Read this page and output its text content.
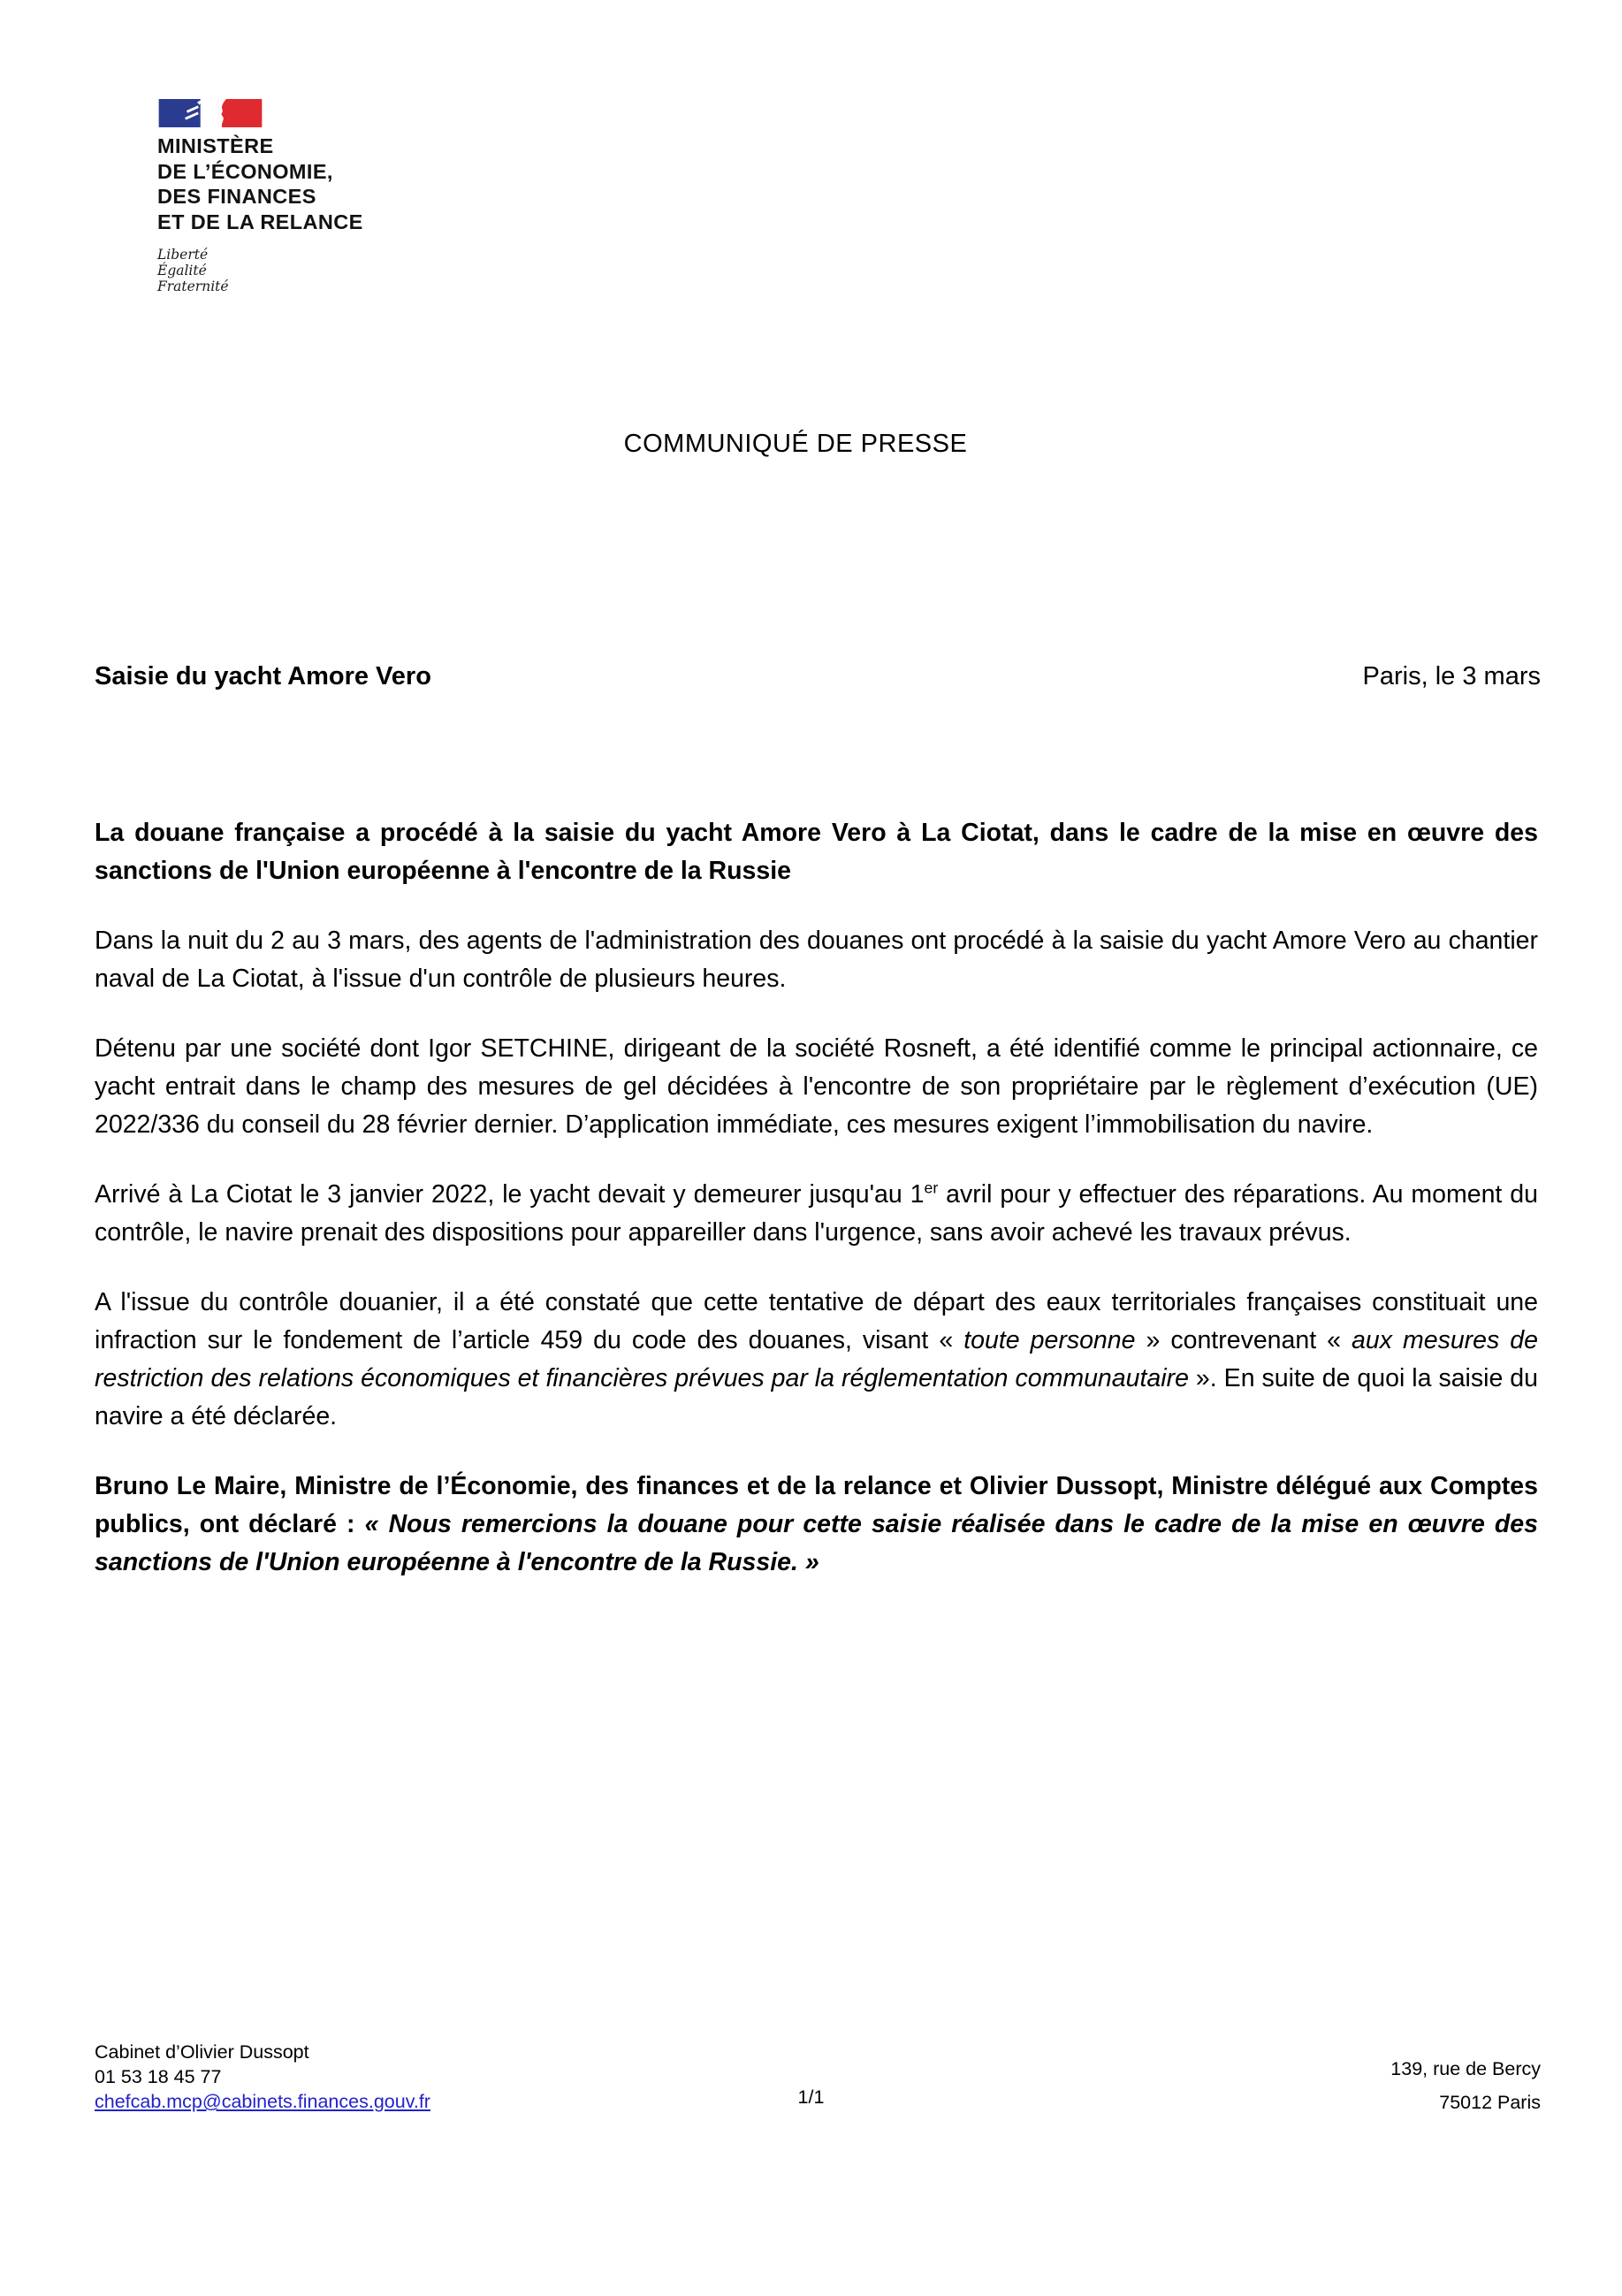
MINISTÈRE
DE L’ÉCONOMIE,
DES FINANCES
ET DE LA RELANCE
Liberté
Égalité
Fraternité
COMMUNIQUÉ DE PRESSE
Saisie du yacht Amore Vero	Paris, le 3 mars

La douane française a procédé à la saisie du yacht Amore Vero à La Ciotat, dans le cadre de la mise en œuvre des sanctions de l'Union européenne à l'encontre de la Russie

Dans la nuit du 2 au 3 mars, des agents de l'administration des douanes ont procédé à la saisie du yacht Amore Vero au chantier naval de La Ciotat, à l'issue d'un contrôle de plusieurs heures.

Détenu par une société dont Igor SETCHINE, dirigeant de la société Rosneft, a été identifié comme le principal actionnaire, ce yacht entrait dans le champ des mesures de gel décidées à l'encontre de son propriétaire par le règlement d’exécution (UE) 2022/336 du conseil du 28 février dernier. D’application immédiate, ces mesures exigent l’immobilisation du navire.

Arrivé à La Ciotat le 3 janvier 2022, le yacht devait y demeurer jusqu'au 1er avril pour y effectuer des réparations. Au moment du contrôle, le navire prenait des dispositions pour appareiller dans l'urgence, sans avoir achevé les travaux prévus.

A l'issue du contrôle douanier, il a été constaté que cette tentative de départ des eaux territoriales françaises constituait une infraction sur le fondement de l’article 459 du code des douanes, visant « toute personne » contrevenant « aux mesures de restriction des relations économiques et financières prévues par la réglementation communautaire ». En suite de quoi la saisie du navire a été déclarée.

Bruno Le Maire, Ministre de l’Économie, des finances et de la relance et Olivier Dussopt, Ministre délégué aux Comptes publics, ont déclaré : « Nous remercions la douane pour cette saisie réalisée dans le cadre de la mise en œuvre des sanctions de l'Union européenne à l'encontre de la Russie. »

Cabinet d’Olivier Dussopt
01 53 18 45 77
chefcab.mcp@cabinets.finances.gouv.fr	1/1
139, rue de Bercy
75012 Paris
